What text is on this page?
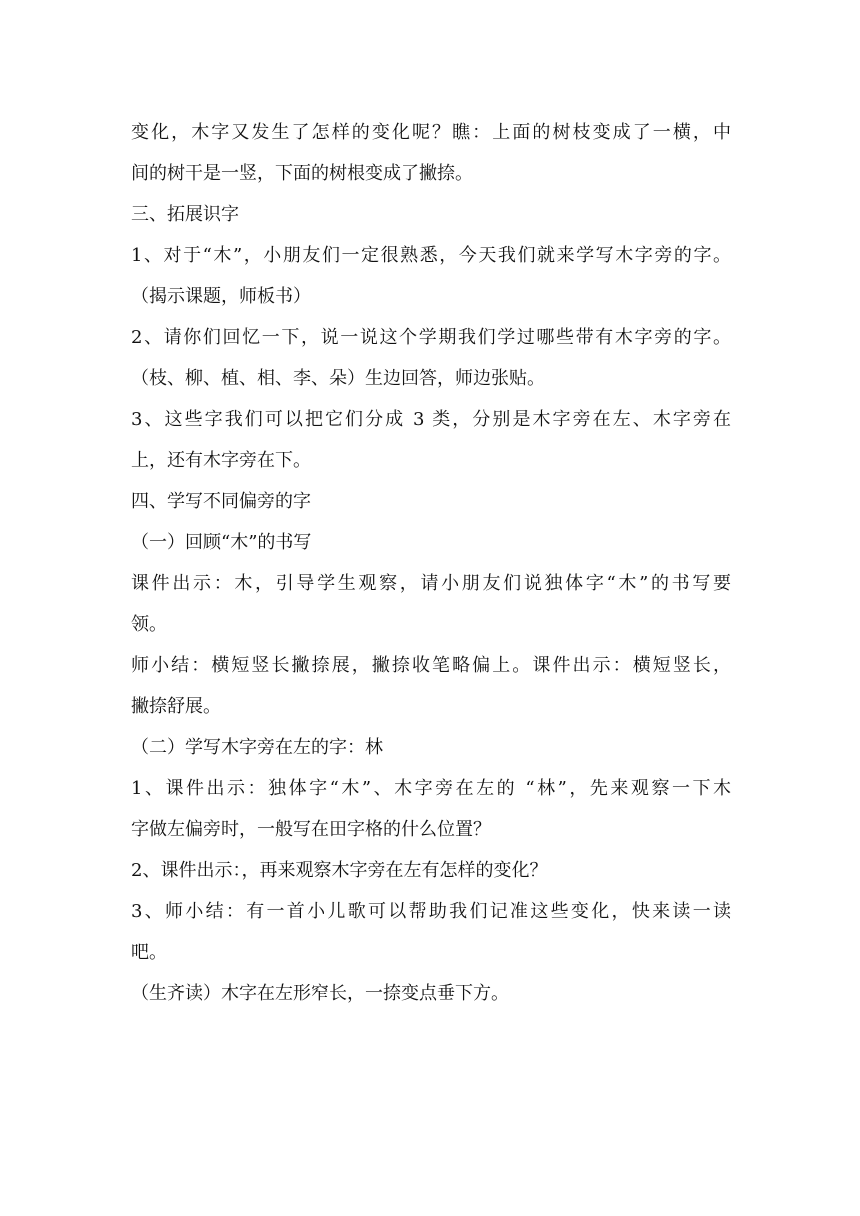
变化，木字又发生了怎样的变化呢？瞧：上面的树枝变成了一横，中
间的树干是一竖，下面的树根变成了撇捺。
三、拓展识字
1、对于“木”，小朋友们一定很熟悉，今天我们就来学写木字旁的字。
（揭示课题，师板书）
2、请你们回忆一下，说一说这个学期我们学过哪些带有木字旁的字。
（枝、柳、植、相、李、朵）生边回答，师边张贴。
3、这些字我们可以把它们分成 3 类，分别是木字旁在左、木字旁在
上，还有木字旁在下。
四、学写不同偏旁的字
（一）回顾“木”的书写
课件出示：木，引导学生观察，请小朋友们说独体字“木”的书写要
领。
师小结：横短竖长撇捺展，撇捺收笔略偏上。课件出示：横短竖长，
撇捺舒展。
（二）学写木字旁在左的字：林
1、课件出示：独体字“木”、木字旁在左的 “林”，先来观察一下木
字做左偏旁时，一般写在田字格的什么位置？
2、课件出示：，再来观察木字旁在左有怎样的变化？
3、师小结：有一首小儿歌可以帮助我们记准这些变化，快来读一读
吧。
（生齐读）木字在左形窄长，一捺变点垂下方。
